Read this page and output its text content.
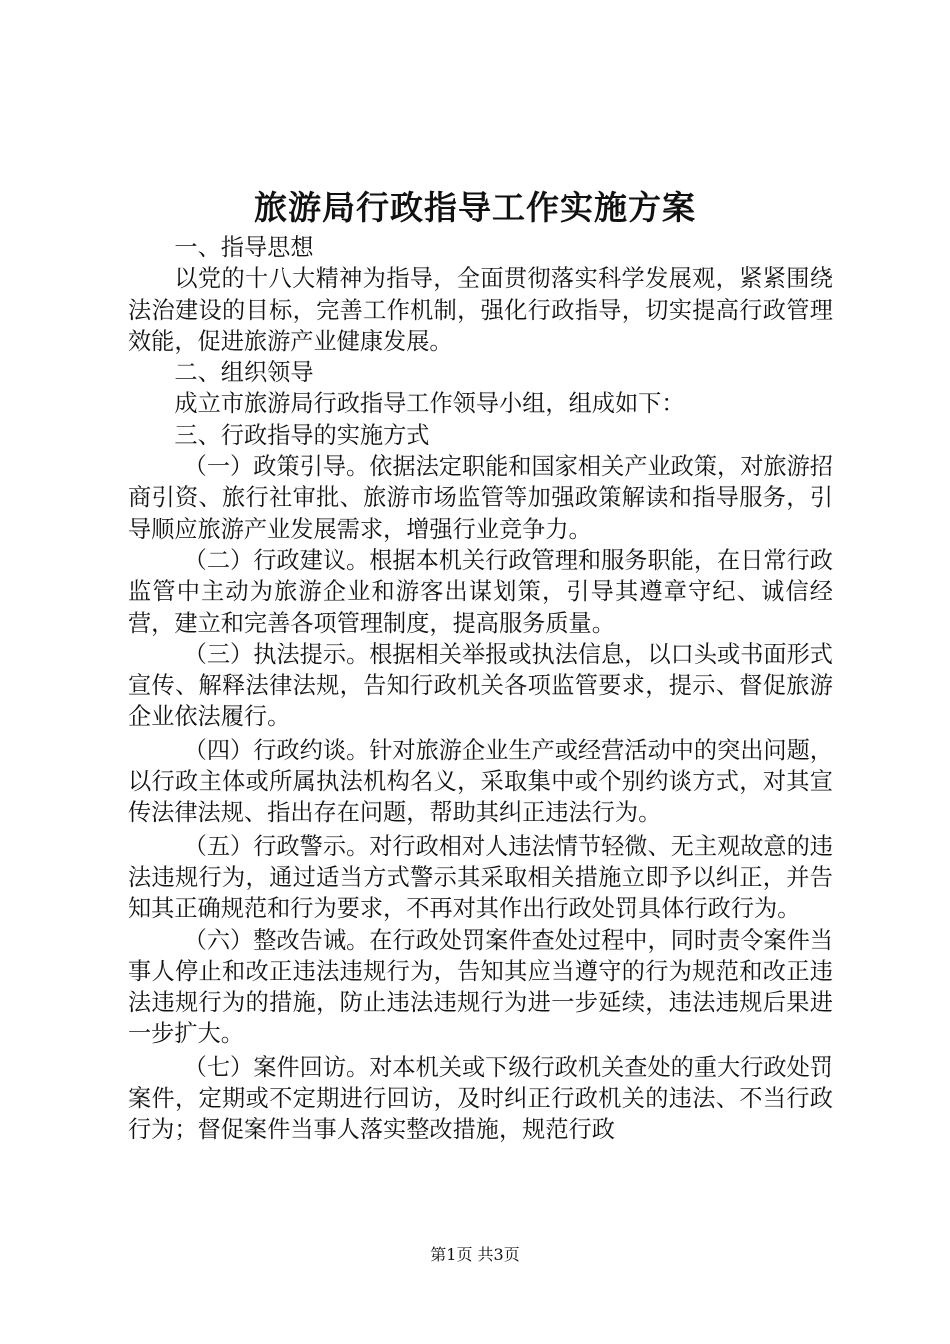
旅游局行政指导工作实施方案

一、指导思想

以党的十八大精神为指导，全面贯彻落实科学发展观，紧紧围绕法治建设的目标，完善工作机制，强化行政指导，切实提高行政管理效能，促进旅游产业健康发展。

二、组织领导

成立市旅游局行政指导工作领导小组，组成如下：

三、行政指导的实施方式

（一）政策引导。依据法定职能和国家相关产业政策，对旅游招商引资、旅行社审批、旅游市场监管等加强政策解读和指导服务，引导顺应旅游产业发展需求，增强行业竞争力。

（二）行政建议。根据本机关行政管理和服务职能，在日常行政监管中主动为旅游企业和游客出谋划策，引导其遵章守纪、诚信经营，建立和完善各项管理制度，提高服务质量。

（三）执法提示。根据相关举报或执法信息，以口头或书面形式宣传、解释法律法规，告知行政机关各项监管要求，提示、督促旅游企业依法履行。

（四）行政约谈。针对旅游企业生产或经营活动中的突出问题，以行政主体或所属执法机构名义，采取集中或个别约谈方式，对其宣传法律法规、指出存在问题，帮助其纠正违法行为。

（五）行政警示。对行政相对人违法情节轻微、无主观故意的违法违规行为，通过适当方式警示其采取相关措施立即予以纠正，并告知其正确规范和行为要求，不再对其作出行政处罚具体行政行为。

（六）整改告诫。在行政处罚案件查处过程中，同时责令案件当事人停止和改正违法违规行为，告知其应当遵守的行为规范和改正违法违规行为的措施，防止违法违规行为进一步延续，违法违规后果进一步扩大。

（七）案件回访。对本机关或下级行政机关查处的重大行政处罚案件，定期或不定期进行回访，及时纠正行政机关的违法、不当行政行为；督促案件当事人落实整改措施，规范行政

第1页 共3页
